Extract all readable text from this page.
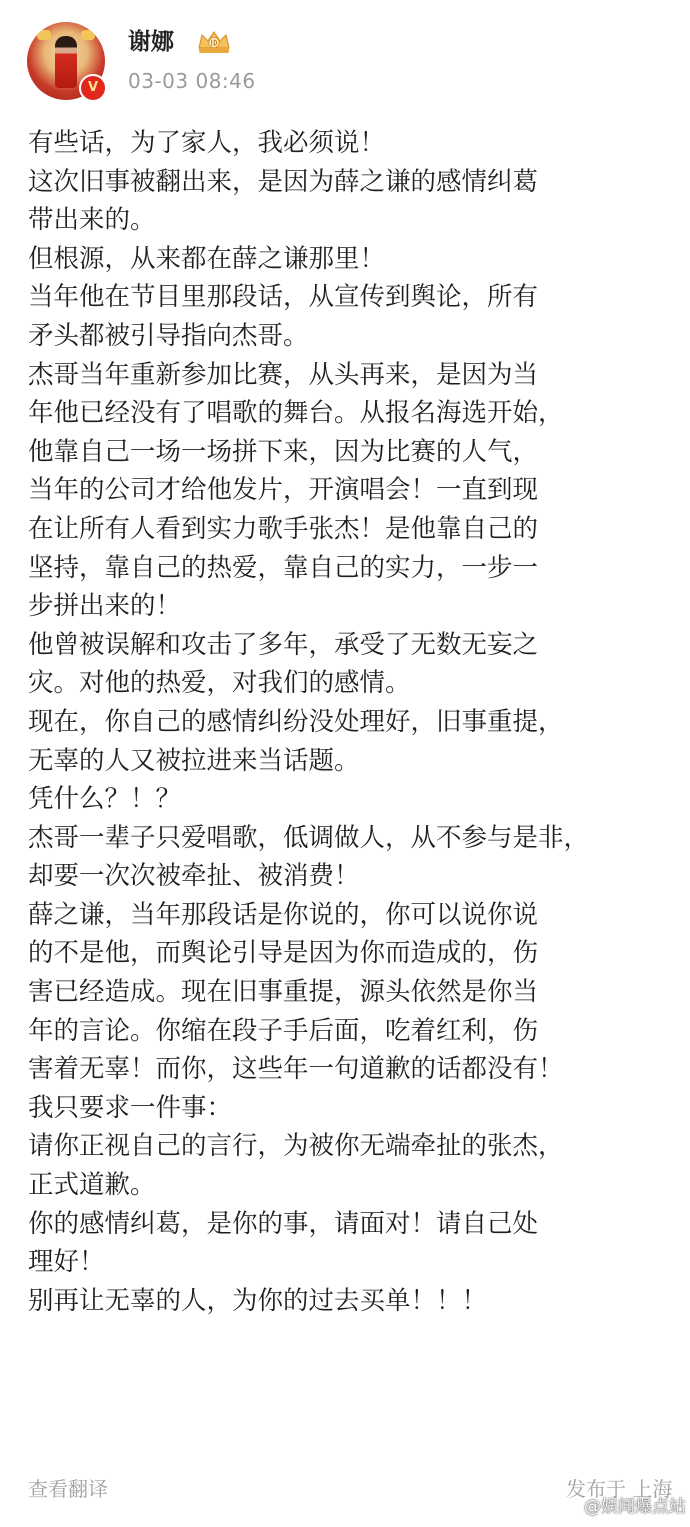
V
谢娜
03-03 08:46

有些话，为了家人，我必须说！

这次旧事被翻出来，是因为薛之谦的感情纠葛

带出来的。

但根源，从来都在薛之谦那里！

当年他在节目里那段话，从宣传到舆论，所有

矛头都被引导指向杰哥。

杰哥当年重新参加比赛，从头再来，是因为当

年他已经没有了唱歌的舞台。从报名海选开始，

他靠自己一场一场拼下来，因为比赛的人气，

当年的公司才给他发片，开演唱会！一直到现

在让所有人看到实力歌手张杰！是他靠自己的

坚持，靠自己的热爱，靠自己的实力，一步一

步拼出来的！

他曾被误解和攻击了多年，承受了无数无妄之

灾。对他的热爱，对我们的感情。

现在，你自己的感情纠纷没处理好，旧事重提，

无辜的人又被拉进来当话题。

凭什么？！？

杰哥一辈子只爱唱歌，低调做人，从不参与是非，

却要一次次被牵扯、被消费！

薛之谦，当年那段话是你说的，你可以说你说

的不是他，而舆论引导是因为你而造成的，伤

害已经造成。现在旧事重提，源头依然是你当

年的言论。你缩在段子手后面，吃着红利，伤

害着无辜！而你，这些年一句道歉的话都没有！

我只要求一件事：

请你正视自己的言行，为被你无端牵扯的张杰，

正式道歉。

你的感情纠葛，是你的事，请面对！请自己处

理好！

别再让无辜的人，为你的过去买单！！！

查看翻译	发布于 上海
@娱闻爆点站
